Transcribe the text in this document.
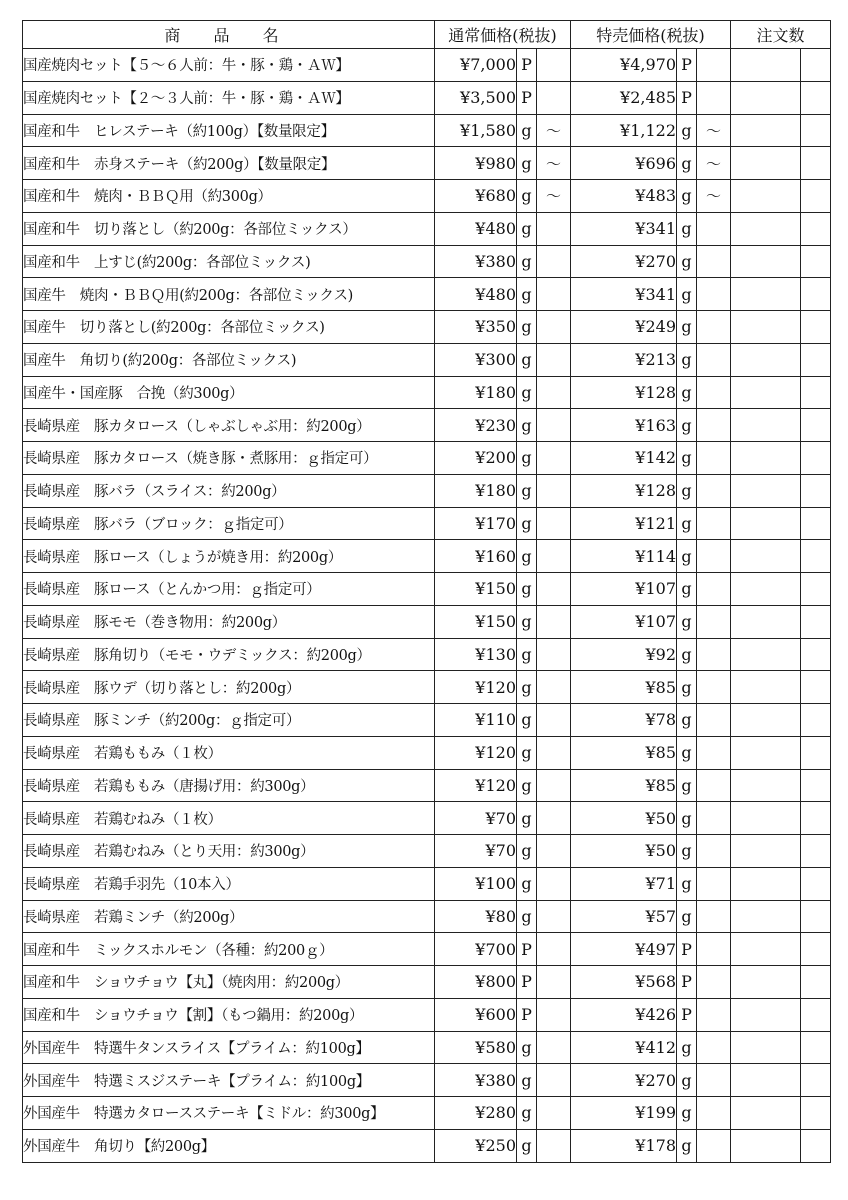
商 品 名	通常価格(税抜)			特売価格(税抜)			注文数	
国産焼肉セット【５～６人前：牛・豚・鶏・ＡＷ】	¥7,000	P		¥4,970	P			
国産焼肉セット【２～３人前：牛・豚・鶏・ＡＷ】	¥3,500	P		¥2,485	P			
国産和牛　ヒレステーキ（約100g）【数量限定】	¥1,580	g	～	¥1,122	g	～		
国産和牛　赤身ステーキ（約200g）【数量限定】	¥980	g	～	¥696	g	～		
国産和牛　焼肉・ＢＢＱ用（約300g）	¥680	g	～	¥483	g	～		
国産和牛　切り落とし（約200g：各部位ミックス）	¥480	g		¥341	g			
国産和牛　上すじ(約200g：各部位ミックス)	¥380	g		¥270	g			
国産牛　焼肉・ＢＢＱ用(約200g：各部位ミックス)	¥480	g		¥341	g			
国産牛　切り落とし(約200g：各部位ミックス)	¥350	g		¥249	g			
国産牛　角切り(約200g：各部位ミックス)	¥300	g		¥213	g			
国産牛・国産豚　合挽（約300g）	¥180	g		¥128	g			
長崎県産　豚カタロース（しゃぶしゃぶ用：約200g）	¥230	g		¥163	g			
長崎県産　豚カタロース（焼き豚・煮豚用：ｇ指定可）	¥200	g		¥142	g			
長崎県産　豚バラ（スライス：約200g）	¥180	g		¥128	g			
長崎県産　豚バラ（ブロック：ｇ指定可）	¥170	g		¥121	g			
長崎県産　豚ロース（しょうが焼き用：約200g）	¥160	g		¥114	g			
長崎県産　豚ロース（とんかつ用：ｇ指定可）	¥150	g		¥107	g			
長崎県産　豚モモ（巻き物用：約200g）	¥150	g		¥107	g			
長崎県産　豚角切り（モモ・ウデミックス：約200g）	¥130	g		¥92	g			
長崎県産　豚ウデ（切り落とし：約200g）	¥120	g		¥85	g			
長崎県産　豚ミンチ（約200g：ｇ指定可）	¥110	g		¥78	g			
長崎県産　若鶏ももみ（１枚）	¥120	g		¥85	g			
長崎県産　若鶏ももみ（唐揚げ用：約300g）	¥120	g		¥85	g			
長崎県産　若鶏むねみ（１枚）	¥70	g		¥50	g			
長崎県産　若鶏むねみ（とり天用：約300g）	¥70	g		¥50	g			
長崎県産　若鶏手羽先（10本入）	¥100	g		¥71	g			
長崎県産　若鶏ミンチ（約200g）	¥80	g		¥57	g			
国産和牛　ミックスホルモン（各種：約200ｇ）	¥700	P		¥497	P			
国産和牛　ショウチョウ【丸】（焼肉用：約200g）	¥800	P		¥568	P			
国産和牛　ショウチョウ【割】（もつ鍋用：約200g）	¥600	P		¥426	P			
外国産牛　特選牛タンスライス【プライム：約100g】	¥580	g		¥412	g			
外国産牛　特選ミスジステーキ【プライム：約100g】	¥380	g		¥270	g			
外国産牛　特選カタロースステーキ【ミドル：約300g】	¥280	g		¥199	g			
外国産牛　角切り【約200g】	¥250	g		¥178	g			
